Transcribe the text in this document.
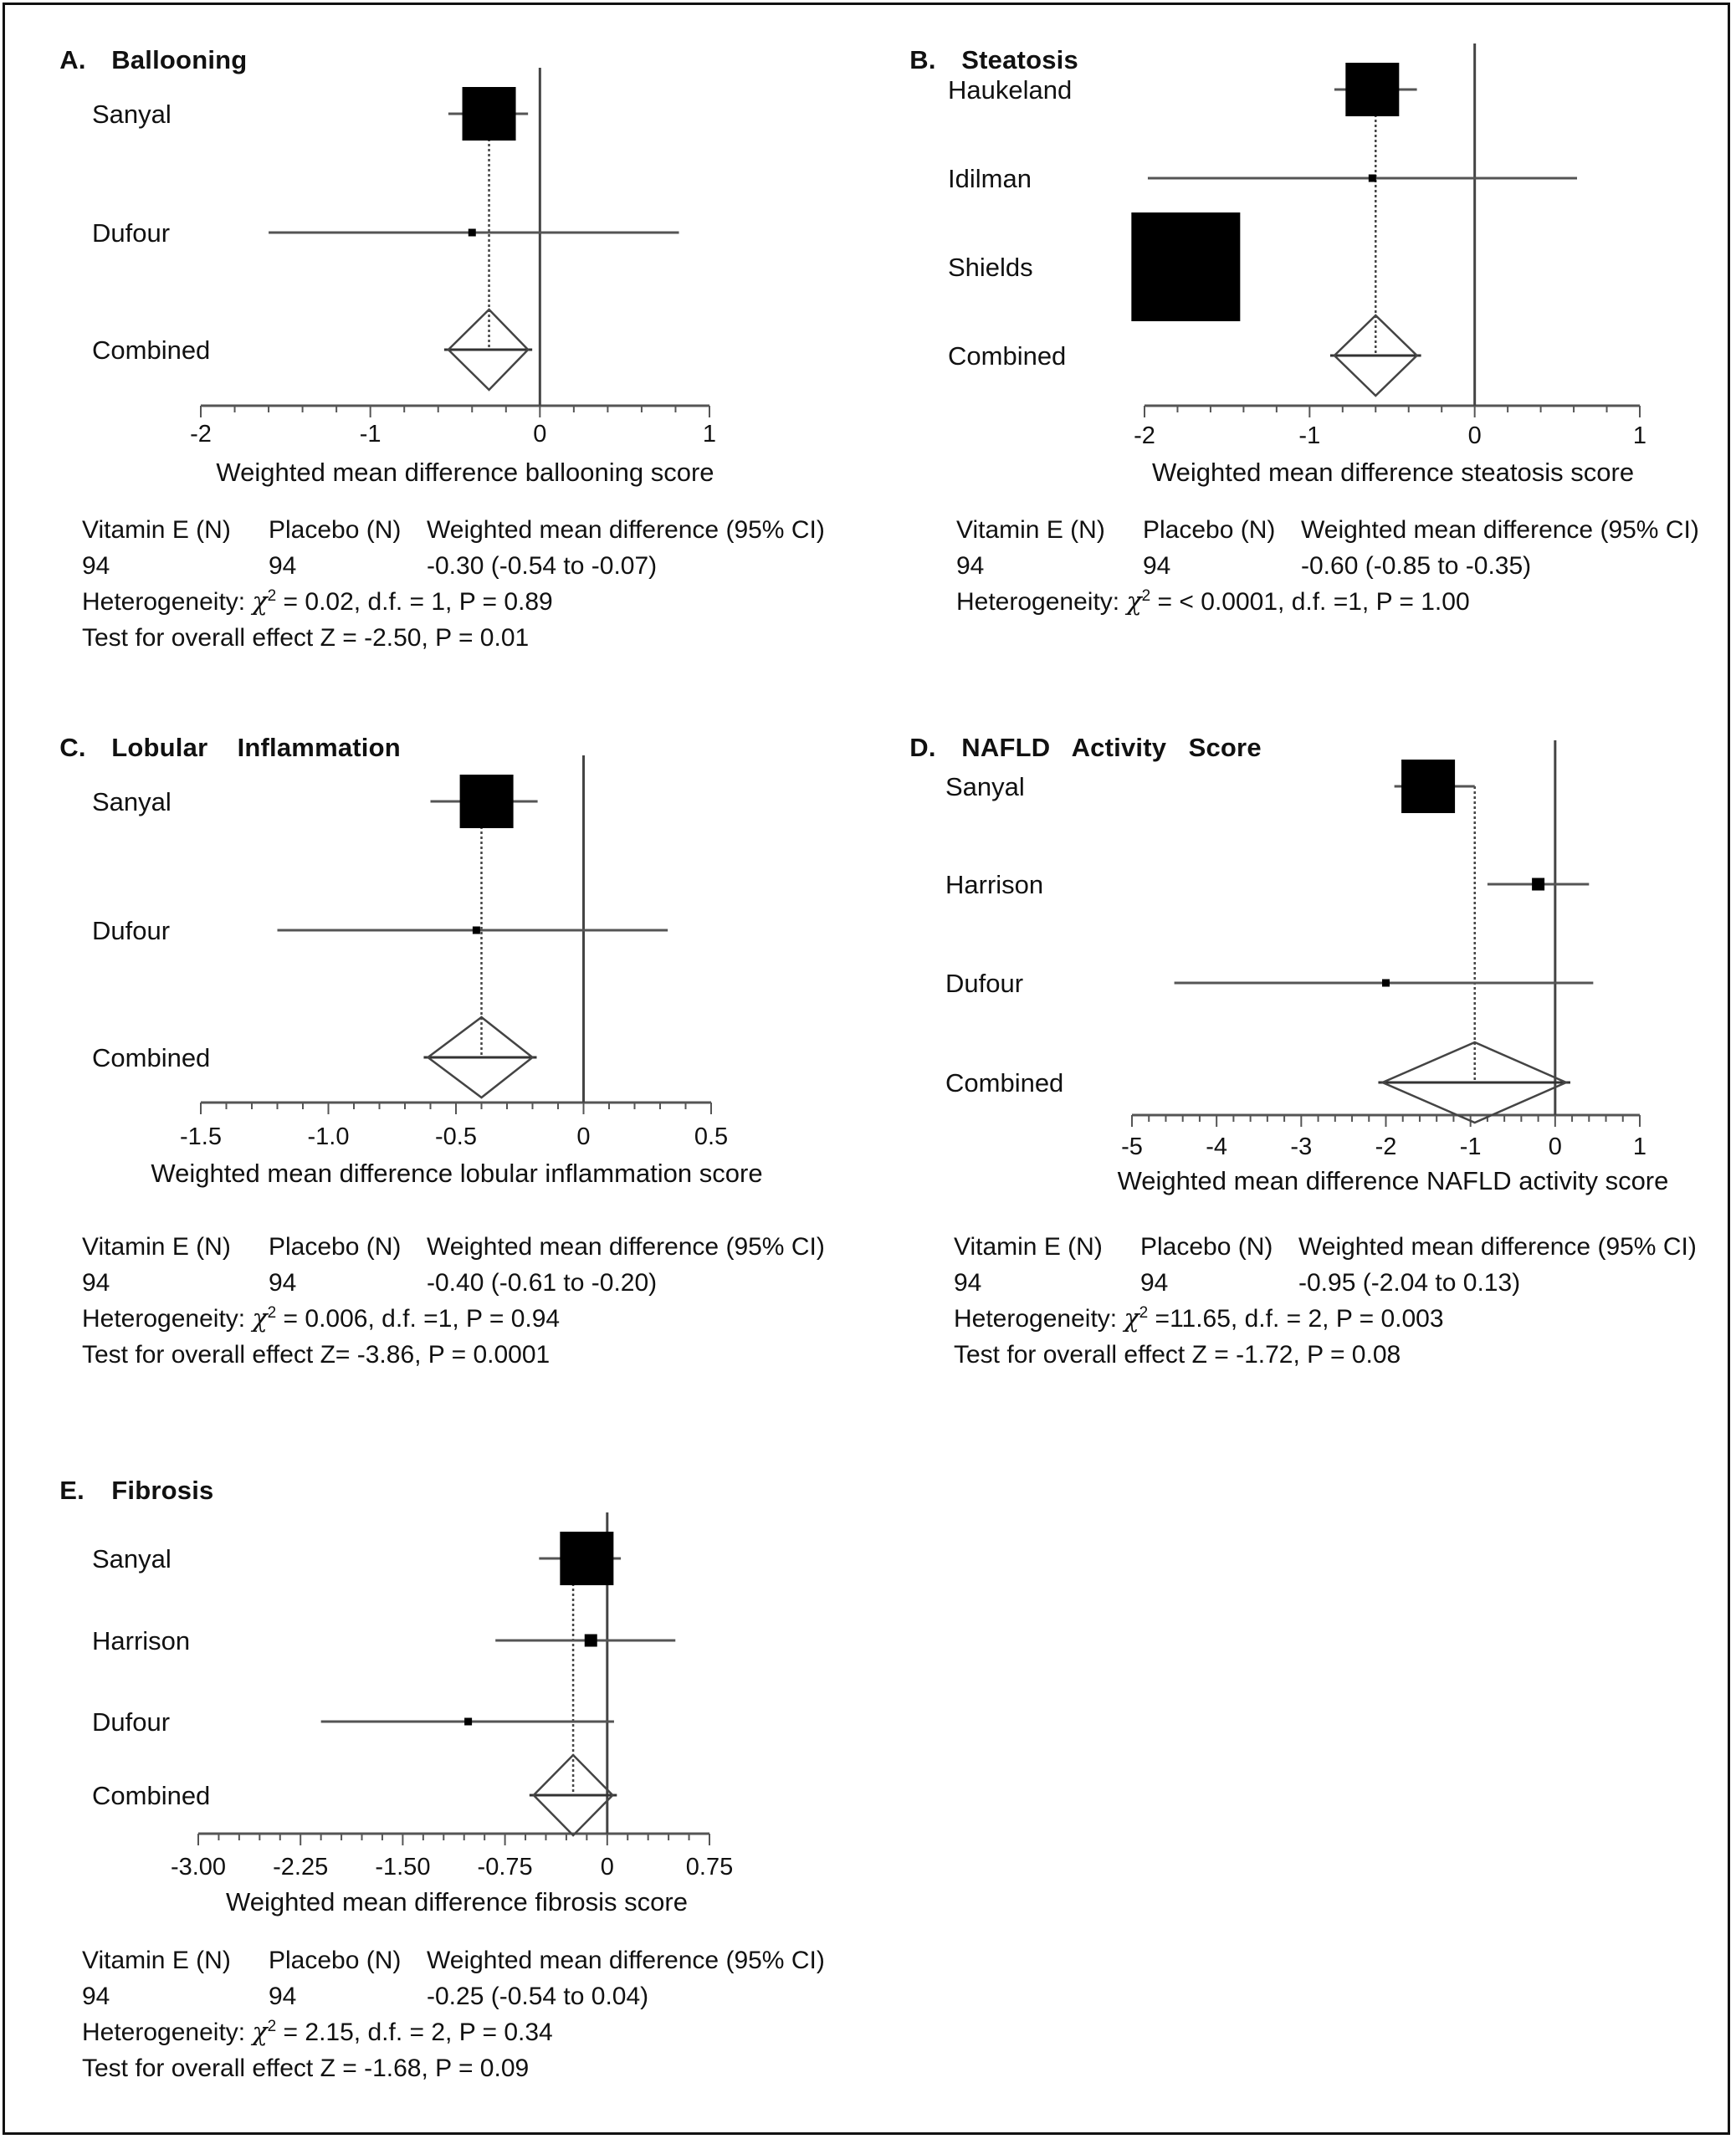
A. Ballooning

-2	-1	0	1
Weighted mean difference ballooning score
Sanyal
Dufour
Combined
Vitamin E (N) Placebo (N) Weighted mean difference (95% CI)
94	94	-0.30 (-0.54 to -0.07)
Heterogeneity: $\chi^2 = 0.02$, d.f. = 1, P = 0.89
Test for overall effect Z = -2.50, P = 0.01

B. Steatosis

-2	-1	0	1
Weighted mean difference steatosis score
Haukeland
Idilman
Shields
Combined
Vitamin E (N) Placebo (N) Weighted mean difference (95% CI)
94	94	-0.60 (-0.85 to -0.35)
Heterogeneity: $\chi^2$ = < 0.0001, d.f. =1, P = 1.00

C. Lobular    Inflammation

-1.5	-1.0	-0.5	0	0.5
Weighted mean difference lobular inflammation score
Sanyal
Dufour
Combined
Vitamin E (N) Placebo (N) Weighted mean difference (95% CI)
94	94	-0.40 (-0.61 to -0.20)
Heterogeneity: $\chi^2 = 0.006$, d.f. =1, P = 0.94
Test for overall effect Z= -3.86, P = 0.0001

D. NAFLD   Activity   Score

-5	-4	-3	-2	-1	0	1
Weighted mean difference NAFLD activity score
Sanyal
Harrison
Dufour
Combined
Vitamin E (N) Placebo (N) Weighted mean difference (95% CI)
94	94	-0.95 (-2.04 to 0.13)
Heterogeneity: $\chi^2 =11.65$, d.f. = 2, P = 0.003
Test for overall effect Z = -1.72, P = 0.08

E. Fibrosis

-3.00 -2.25 -1.50 -0.75	0	0.75
Weighted mean difference fibrosis score
Sanyal
Harrison
Dufour
Combined
Vitamin E (N) Placebo (N) Weighted mean difference (95% CI)
94	94	-0.25 (-0.54 to 0.04)
Heterogeneity: $\chi^2 = 2.15$, d.f. = 2, P = 0.34
Test for overall effect Z = -1.68, P = 0.09
